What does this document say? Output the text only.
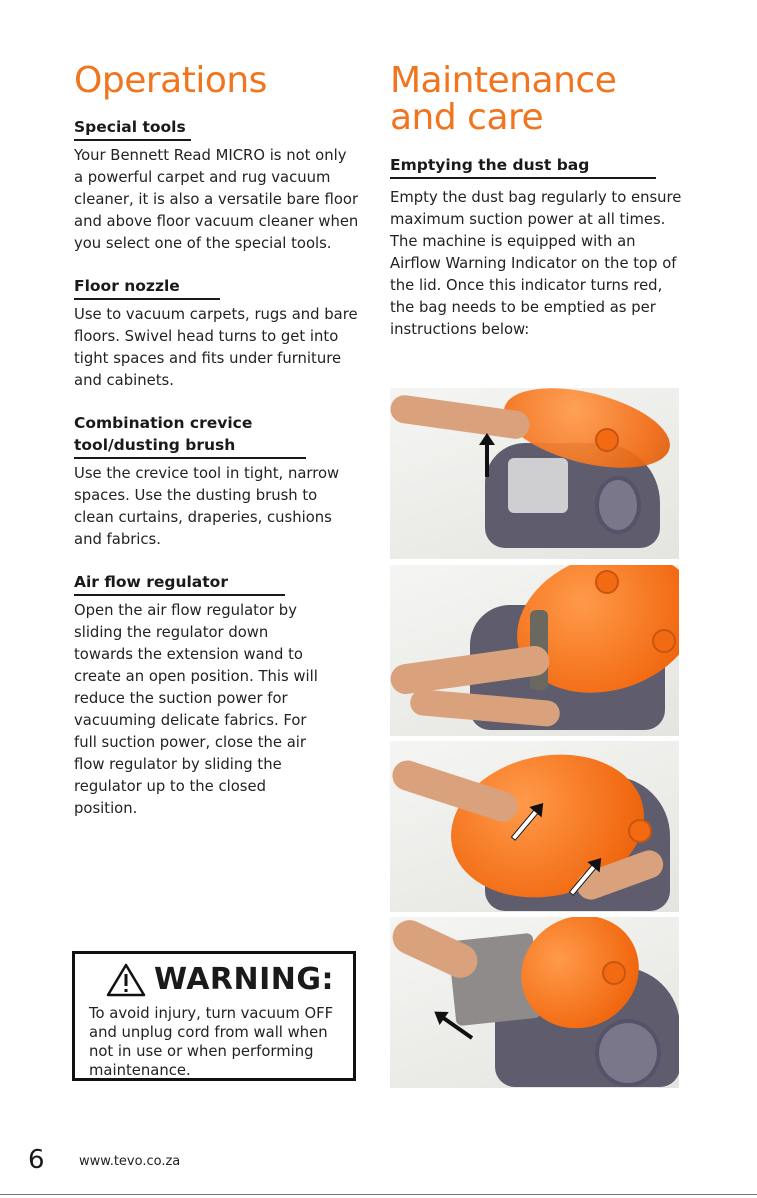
Operations
Special tools

Your Bennett Read MICRO is not only a powerful carpet and rug vacuum cleaner, it is also a versatile bare floor and above floor vacuum cleaner when you select one of the special tools.

Floor nozzle

Use to vacuum carpets, rugs and bare floors. Swivel head turns to get into tight spaces and fits under furniture and cabinets.

Combination crevice
tool/dusting brush

Use the crevice tool in tight, narrow spaces. Use the dusting brush to clean curtains, draperies, cushions and fabrics.

Air flow regulator

Open the air flow regulator by sliding the regulator down towards the extension wand to create an open position. This will reduce the suction power for vacuuming delicate fabrics. For full suction power, close the air flow regulator by sliding the regulator up to the closed position.

Maintenance
and care
Emptying the dust bag

Empty the dust bag regularly to ensure maximum suction power at all times. The machine is equipped with an Airflow Warning Indicator on the top of the lid. Once this indicator turns red, the bag needs to be emptied as per instructions below:

WARNING:
To avoid injury, turn vacuum OFF and unplug cord from wall when not in use or when performing maintenance.
6	www.tevo.co.za
